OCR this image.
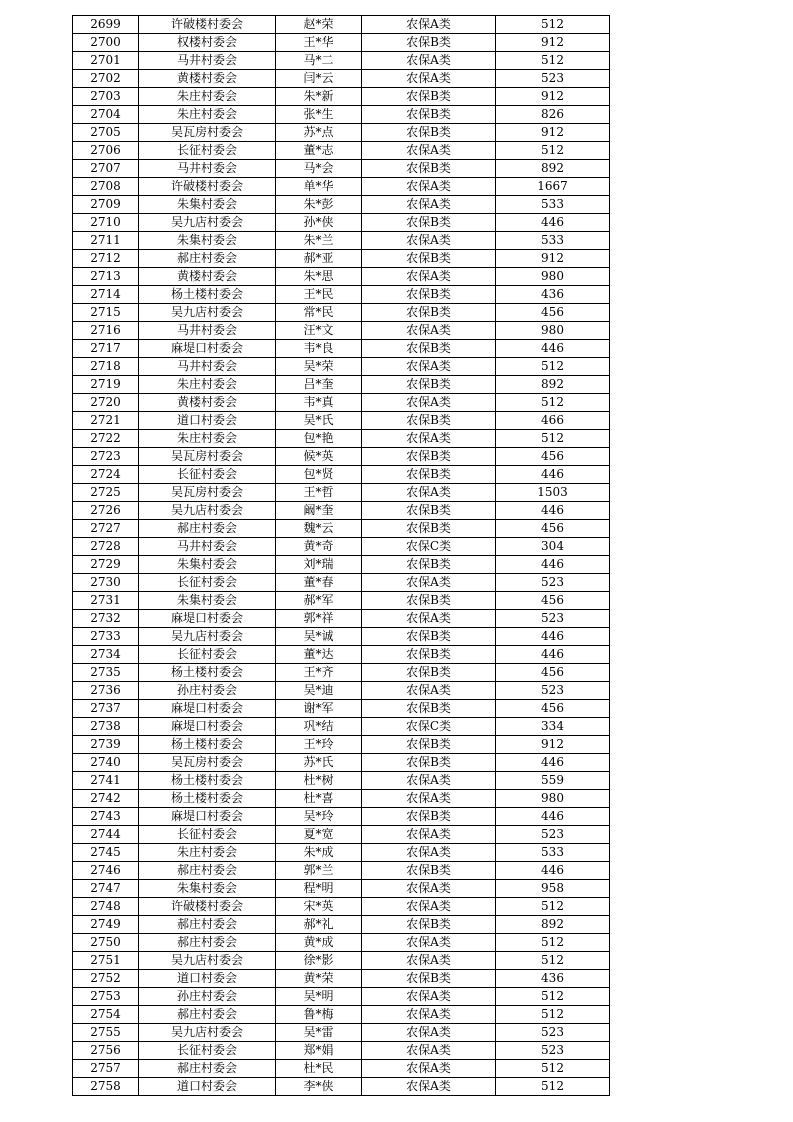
2699	许破楼村委会	赵*荣	农保A类	512
2700	权楼村委会	王*华	农保B类	912
2701	马井村委会	马*二	农保A类	512
2702	黄楼村委会	闫*云	农保A类	523
2703	朱庄村委会	朱*新	农保B类	912
2704	朱庄村委会	张*生	农保B类	826
2705	吴瓦房村委会	苏*点	农保B类	912
2706	长征村委会	董*志	农保A类	512
2707	马井村委会	马*会	农保B类	892
2708	许破楼村委会	单*华	农保A类	1667
2709	朱集村委会	朱*彭	农保A类	533
2710	吴九店村委会	孙*侠	农保B类	446
2711	朱集村委会	朱*兰	农保A类	533
2712	郝庄村委会	郝*亚	农保B类	912
2713	黄楼村委会	朱*思	农保A类	980
2714	杨土楼村委会	王*民	农保B类	436
2715	吴九店村委会	常*民	农保B类	456
2716	马井村委会	汪*文	农保A类	980
2717	麻堤口村委会	韦*良	农保B类	446
2718	马井村委会	吴*荣	农保A类	512
2719	朱庄村委会	吕*奎	农保B类	892
2720	黄楼村委会	韦*真	农保A类	512
2721	道口村委会	吴*氏	农保B类	466
2722	朱庄村委会	包*艳	农保A类	512
2723	吴瓦房村委会	候*英	农保B类	456
2724	长征村委会	包*贤	农保B类	446
2725	吴瓦房村委会	王*哲	农保A类	1503
2726	吴九店村委会	阚*奎	农保B类	446
2727	郝庄村委会	魏*云	农保B类	456
2728	马井村委会	黄*奇	农保C类	304
2729	朱集村委会	刘*瑞	农保B类	446
2730	长征村委会	董*春	农保A类	523
2731	朱集村委会	郝*军	农保B类	456
2732	麻堤口村委会	郭*祥	农保A类	523
2733	吴九店村委会	吴*诚	农保B类	446
2734	长征村委会	董*达	农保B类	446
2735	杨土楼村委会	王*齐	农保B类	456
2736	孙庄村委会	吴*迪	农保A类	523
2737	麻堤口村委会	谢*军	农保B类	456
2738	麻堤口村委会	巩*结	农保C类	334
2739	杨土楼村委会	王*玲	农保B类	912
2740	吴瓦房村委会	苏*氏	农保B类	446
2741	杨土楼村委会	杜*树	农保A类	559
2742	杨土楼村委会	杜*喜	农保A类	980
2743	麻堤口村委会	吴*玲	农保B类	446
2744	长征村委会	夏*宽	农保A类	523
2745	朱庄村委会	朱*成	农保A类	533
2746	郝庄村委会	郭*兰	农保B类	446
2747	朱集村委会	程*明	农保A类	958
2748	许破楼村委会	宋*英	农保A类	512
2749	郝庄村委会	郝*礼	农保B类	892
2750	郝庄村委会	黄*成	农保A类	512
2751	吴九店村委会	徐*影	农保A类	512
2752	道口村委会	黄*荣	农保B类	436
2753	孙庄村委会	吴*明	农保A类	512
2754	郝庄村委会	鲁*梅	农保A类	512
2755	吴九店村委会	吴*雷	农保A类	523
2756	长征村委会	郑*娟	农保A类	523
2757	郝庄村委会	杜*民	农保A类	512
2758	道口村委会	李*侠	农保A类	512
